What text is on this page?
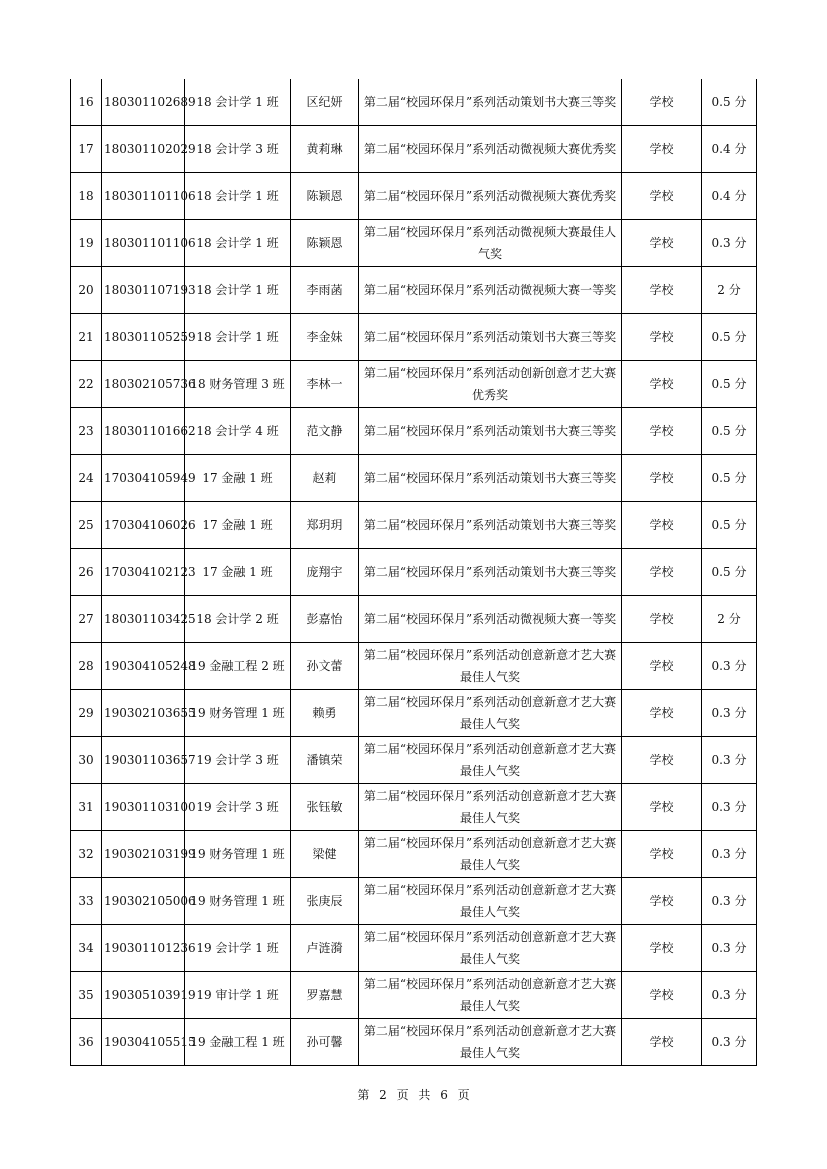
16	180301102689	18 会计学 1 班	区纪妍	第二届“校园环保月”系列活动策划书大赛三等奖	学校	0.5 分
17	180301102029	18 会计学 3 班	黄莉琳	第二届“校园环保月”系列活动微视频大赛优秀奖	学校	0.4 分
18	180301101106	18 会计学 1 班	陈颖恩	第二届“校园环保月”系列活动微视频大赛优秀奖	学校	0.4 分
19	180301101106	18 会计学 1 班	陈颖恩	第二届“校园环保月”系列活动微视频大赛最佳人气奖	学校	0.3 分
20	180301107193	18 会计学 1 班	李雨菡	第二届“校园环保月”系列活动微视频大赛一等奖	学校	2 分
21	180301105259	18 会计学 1 班	李金妹	第二届“校园环保月”系列活动策划书大赛三等奖	学校	0.5 分
22	180302105736	18 财务管理 3 班	李林一	第二届“校园环保月”系列活动创新创意才艺大赛优秀奖	学校	0.5 分
23	180301101662	18 会计学 4 班	范文静	第二届“校园环保月”系列活动策划书大赛三等奖	学校	0.5 分
24	170304105949	17 金融 1 班	赵莉	第二届“校园环保月”系列活动策划书大赛三等奖	学校	0.5 分
25	170304106026	17 金融 1 班	郑玥玥	第二届“校园环保月”系列活动策划书大赛三等奖	学校	0.5 分
26	170304102123	17 金融 1 班	庞翔宇	第二届“校园环保月”系列活动策划书大赛三等奖	学校	0.5 分
27	180301103425	18 会计学 2 班	彭嘉怡	第二届“校园环保月”系列活动微视频大赛一等奖	学校	2 分
28	190304105248	19 金融工程 2 班	孙文蕾	第二届“校园环保月”系列活动创意新意才艺大赛最佳人气奖	学校	0.3 分
29	190302103655	19 财务管理 1 班	赖勇	第二届“校园环保月”系列活动创意新意才艺大赛最佳人气奖	学校	0.3 分
30	190301103657	19 会计学 3 班	潘镇荣	第二届“校园环保月”系列活动创意新意才艺大赛最佳人气奖	学校	0.3 分
31	190301103100	19 会计学 3 班	张钰敏	第二届“校园环保月”系列活动创意新意才艺大赛最佳人气奖	学校	0.3 分
32	190302103199	19 财务管理 1 班	梁健	第二届“校园环保月”系列活动创意新意才艺大赛最佳人气奖	学校	0.3 分
33	190302105006	19 财务管理 1 班	张庚辰	第二届“校园环保月”系列活动创意新意才艺大赛最佳人气奖	学校	0.3 分
34	190301101236	19 会计学 1 班	卢涟漪	第二届“校园环保月”系列活动创意新意才艺大赛最佳人气奖	学校	0.3 分
35	190305103919	19 审计学 1 班	罗嘉慧	第二届“校园环保月”系列活动创意新意才艺大赛最佳人气奖	学校	0.3 分
36	190304105515	19 金融工程 1 班	孙可馨	第二届“校园环保月”系列活动创意新意才艺大赛最佳人气奖	学校	0.3 分
第 2 页 共 6 页
